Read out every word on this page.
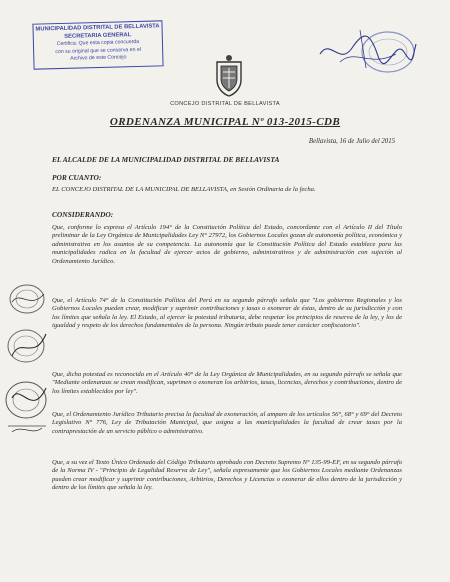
MUNICIPALIDAD DISTRITAL DE BELLAVISTA
SECRETARIA GENERAL
Certifica: Que esta copia concuerda
con su original que se conserva en el
Archivo de este Concejo
CONCEJO DISTRITAL DE BELLAVISTA
ORDENANZA MUNICIPAL Nº 013-2015-CDB
Bellavista, 16 de Julio del 2015
EL ALCALDE DE LA MUNICIPALIDAD DISTRITAL DE BELLAVISTA
POR CUANTO:
EL CONCEJO DISTRITAL DE LA MUNICIPAL DE BELLAVISTA, en Sesión Ordinaria de la fecha.
CONSIDERANDO:
Que, conforme lo expresa el Artículo 194° de la Constitución Política del Estado, concordante con el Artículo II del Título preliminar de la Ley Orgánica de Municipalidades Ley N° 27972, los Gobiernos Locales gozan de autonomía política, económica y administrativa en los asuntos de su competencia. La autonomía que la Constitución Política del Estado establece para las municipalidades radica en la facultad de ejercer actos de gobierno, administrativos y de administración con sujeción al Ordenamiento Jurídico.
Que, el Artículo 74° de la Constitución Política del Perú en su segundo párrafo señala que "Los gobiernos Regionales y los Gobiernos Locales pueden crear, modificar y suprimir contribuciones y tasas o exonerar de éstas, dentro de su jurisdicción y con los límites que señala la ley. El Estado, al ejercer la potestad tributaria, debe respetar los principios de reserva de la ley, y los de igualdad y respeto de los derechos fundamentales de la persona. Ningún tributo puede tener carácter confiscatorio".
Que, dicha potestad es reconocida en el Artículo 40° de la Ley Orgánica de Municipalidades, en su segundo párrafo se señala que "Mediante ordenanzas se crean modifican, suprimen o exoneran los arbitrios, tasas, licencias, derechos y contribuciones, dentro de los límites establecidos por ley".
Que, el Ordenamiento Jurídico Tributario precisa la facultad de exoneración, al amparo de los artículos 56°, 68° y 69° del Decreto Legislativo N° 776, Ley de Tributación Municipal, que asigna a las municipalidades la facultad de crear tasas por la contraprestación de un servicio público o administrativo.
Que, a su vez el Texto Único Ordenado del Código Tributario aprobado con Decreto Supremo N° 135-99-EF, en su segundo párrafo de la Norma IV - "Principio de Legalidad Reserva de Ley", señala expresamente que los Gobiernos Locales mediante Ordenanzas pueden crear modificar y suprimir contribuciones, Arbitrios, Derechos y Licencias o exonerar de ellos dentro de la jurisdicción y dentro de los límites que señala la ley.
